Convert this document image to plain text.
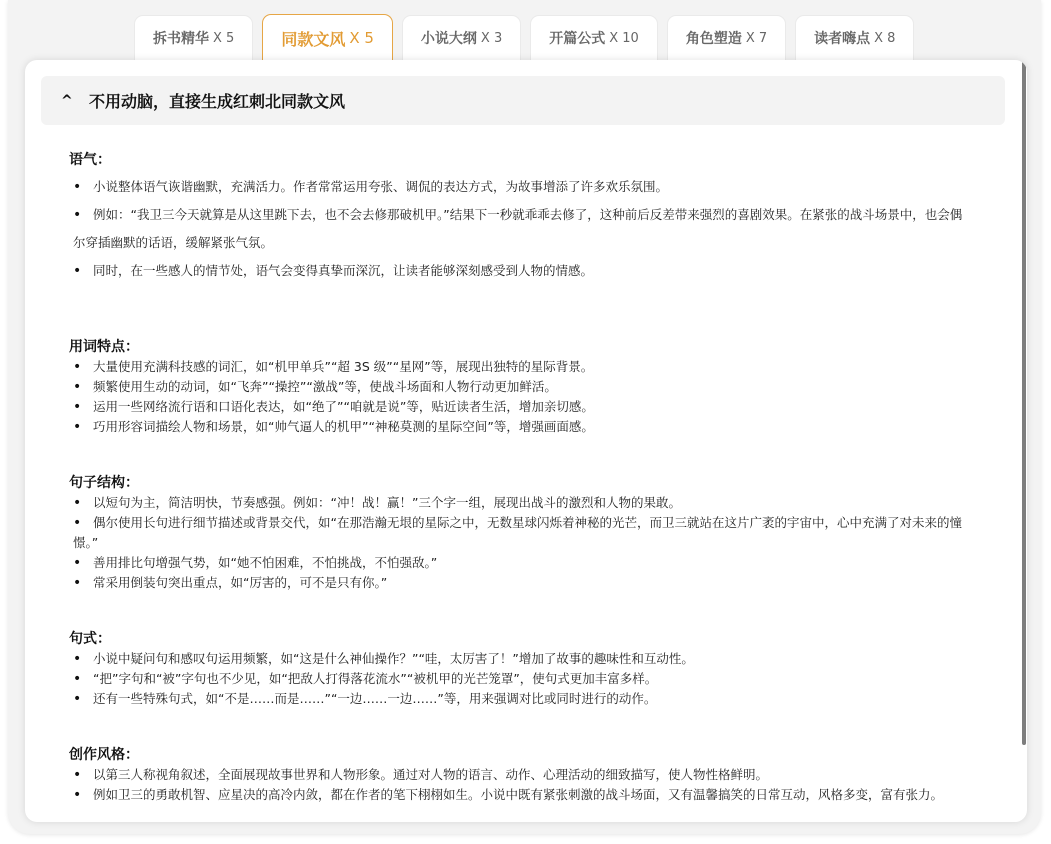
拆书精华 X 5	同款文风 X 5	小说大纲 X 3	开篇公式 X 10	角色塑造 X 7	读者嗨点 X 8
^ 不用动脑，直接生成红刺北同款文风
语气：
• 小说整体语气诙谐幽默，充满活力。作者常常运用夸张、调侃的表达方式，为故事增添了许多欢乐氛围。
• 例如：“我卫三今天就算是从这里跳下去，也不会去修那破机甲。”结果下一秒就乖乖去修了，这种前后反差带来强烈的喜剧效果。在紧张的战斗场景中，也会偶尔穿插幽默的话语，缓解紧张气氛。
• 同时，在一些感人的情节处，语气会变得真挚而深沉，让读者能够深刻感受到人物的情感。
用词特点：
• 大量使用充满科技感的词汇，如“机甲单兵”“超 3S 级”“星网”等，展现出独特的星际背景。
• 频繁使用生动的动词，如“飞奔”“操控”“激战”等，使战斗场面和人物行动更加鲜活。
• 运用一些网络流行语和口语化表达，如“绝了”“咱就是说”等，贴近读者生活，增加亲切感。
• 巧用形容词描绘人物和场景，如“帅气逼人的机甲”“神秘莫测的星际空间”等，增强画面感。
句子结构：
• 以短句为主，简洁明快，节奏感强。例如：“冲！战！赢！”三个字一组，展现出战斗的激烈和人物的果敢。
• 偶尔使用长句进行细节描述或背景交代，如“在那浩瀚无垠的星际之中，无数星球闪烁着神秘的光芒，而卫三就站在这片广袤的宇宙中，心中充满了对未来的憧憬。”
• 善用排比句增强气势，如“她不怕困难，不怕挑战，不怕强敌。”
• 常采用倒装句突出重点，如“厉害的，可不是只有你。”
句式：
• 小说中疑问句和感叹句运用频繁，如“这是什么神仙操作？”“哇，太厉害了！”增加了故事的趣味性和互动性。
• “把”字句和“被”字句也不少见，如“把敌人打得落花流水”“被机甲的光芒笼罩”，使句式更加丰富多样。
• 还有一些特殊句式，如“不是……而是……”“一边……一边……”等，用来强调对比或同时进行的动作。
创作风格：
• 以第三人称视角叙述，全面展现故事世界和人物形象。通过对人物的语言、动作、心理活动的细致描写，使人物性格鲜明。
• 例如卫三的勇敢机智、应星决的高冷内敛，都在作者的笔下栩栩如生。小说中既有紧张刺激的战斗场面，又有温馨搞笑的日常互动，风格多变，富有张力。
